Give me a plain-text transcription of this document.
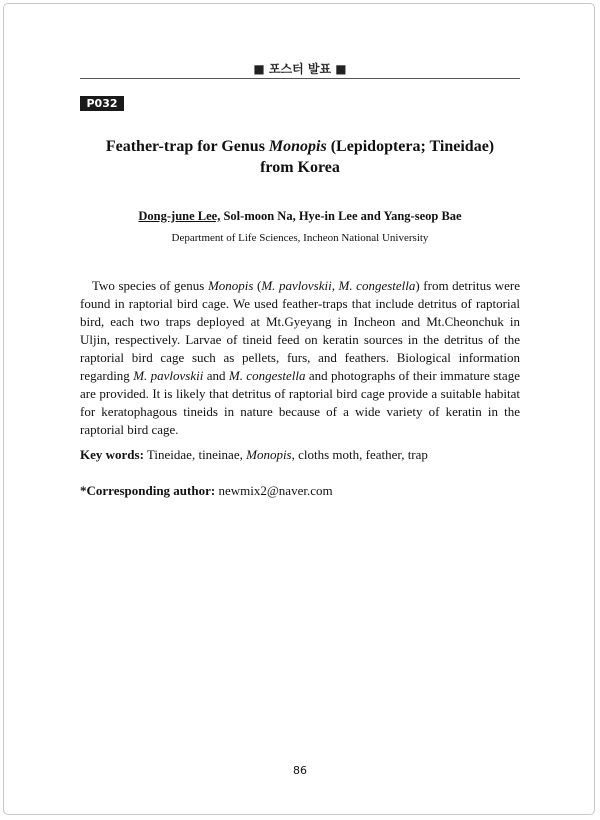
■ 포스터 발표 ■
P032
Feather-trap for Genus Monopis (Lepidoptera; Tineidae)
from Korea
Dong-june Lee, Sol-moon Na, Hye-in Lee and Yang-seop Bae
Department of Life Sciences, Incheon National University

Two species of genus Monopis (M. pavlovskii, M. congestella) from detritus were found in raptorial bird cage. We used feather-traps that include detritus of raptorial bird, each two traps deployed at Mt.Gyeyang in Incheon and Mt.Cheonchuk in Uljin, respectively. Larvae of tineid feed on keratin sources in the detritus of the raptorial bird cage such as pellets, furs, and feathers. Biological information regarding M. pavlovskii and M. congestella and photographs of their immature stage are provided. It is likely that detritus of raptorial bird cage provide a suitable habitat for keratophagous tineids in nature because of a wide variety of keratin in the raptorial bird cage.

Key words: Tineidae, tineinae, Monopis, cloths moth, feather, trap

*Corresponding author: newmix2@naver.com

86
